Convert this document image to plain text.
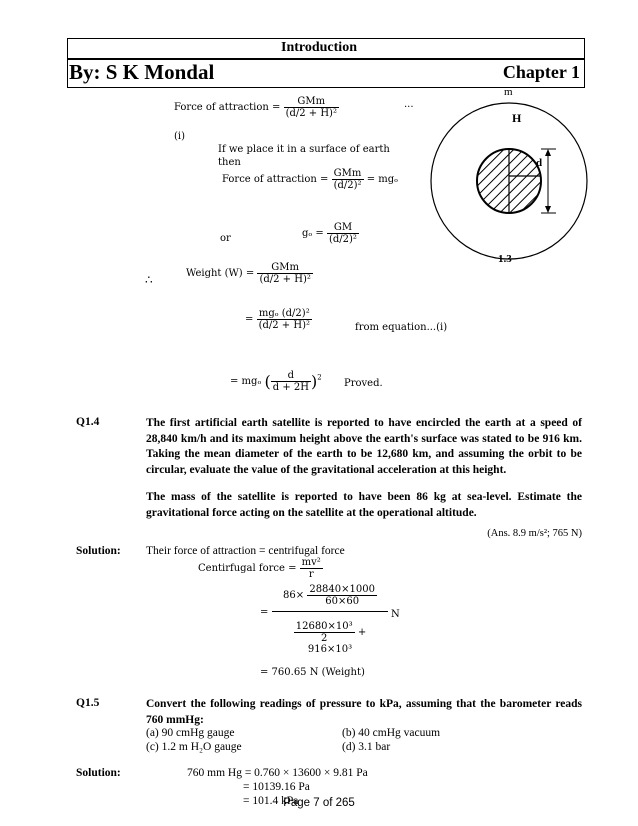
Introduction
By: S K Mondal	Chapter 1
m
H
d
1.3
Force of attraction = $\frac{\text{GMm}}{\text{(d/2 + H)²}}$	...
(i)
If we place it in a surface of earth
then
Force of attraction = $\frac{\text{GMm}}{\text{(d/2)²}} = mg_o$
or	$g_o = \frac{GM}{\text{(d/2)²}}$
∴	Weight $(W) = \frac{\text{GMm}}{\text{(d/2 + H)²}}$
= $\frac{\text{mgₒ (d/2)²}}{\text{(d/2 + H)²}}$	from equation...(i)
= mgₒ ( $\frac{d}{d + 2H} )^2$
Proved.
Q1.4	The first artificial earth satellite is reported to have encircled the earth at a speed of 28,840 km/h and its maximum height above the earth's surface was stated to be 916 km. Taking the mean diameter of the earth to be 12,680 km, and assuming the orbit to be circular, evaluate the value of the gravitational acceleration at this height.
The mass of the satellite is reported to have been 86 kg at sea-level. Estimate the gravitational force acting on the satellite at the operational altitude.
(Ans. 8.9 m/s²; 765 N)
Solution: Their force of attraction = centrifugal force
Centirfugal force = $\frac{\text{mv²}}{r}$
=
$86\times \frac{28840\times 1000}{60\times 60}$
$\frac{\text{12680×10³}}{2} + 916\times 10^3$
N
= 760.65 N (Weight)
Q1.5	Convert the following readings of pressure to kPa, assuming that the barometer reads 760 mmHg:
(a) 90 cmHg gauge	(b) 40 cmHg vacuum
(c) 1.2 m H₂O gauge	(d) 3.1 bar
Solution:	760 mm Hg = 0.760 × 13600 × 9.81 Pa
= 10139.16 Pa
= 101.4 kPa
Page 7 of 265
